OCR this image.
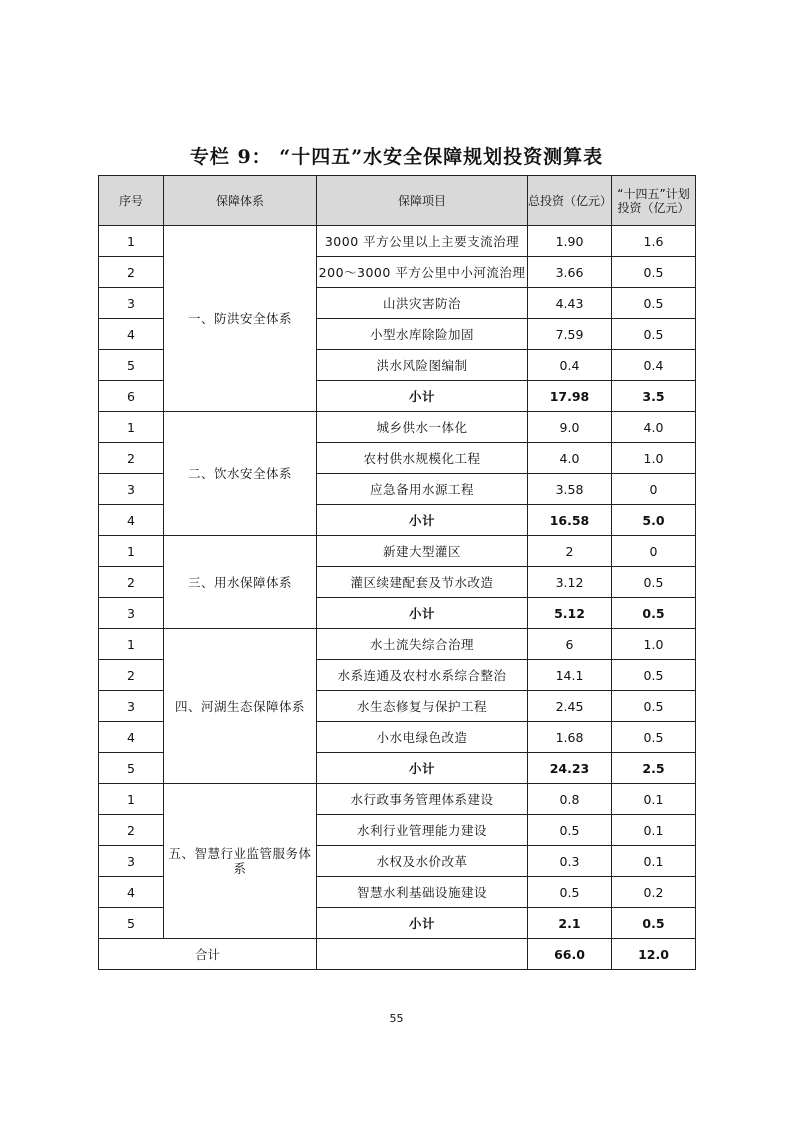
专栏 9： “十四五”水安全保障规划投资测算表
序号	保障体系	保障项目	总投资（亿元）	“十四五”计划投资（亿元）
1	一、防洪安全体系	3000 平方公里以上主要支流治理	1.90	1.6
2		200～3000 平方公里中小河流治理	3.66	0.5
3		山洪灾害防治	4.43	0.5
4		小型水库除险加固	7.59	0.5
5		洪水风险图编制	0.4	0.4
6		小计	17.98	3.5
1	二、饮水安全体系	城乡供水一体化	9.0	4.0
2		农村供水规模化工程	4.0	1.0
3		应急备用水源工程	3.58	0
4		小计	16.58	5.0
1	三、用水保障体系	新建大型灌区	2	0
2		灌区续建配套及节水改造	3.12	0.5
3		小计	5.12	0.5
1	四、河湖生态保障体系	水土流失综合治理	6	1.0
2		水系连通及农村水系综合整治	14.1	0.5
3		水生态修复与保护工程	2.45	0.5
4		小水电绿色改造	1.68	0.5
5		小计	24.23	2.5
1	五、智慧行业监管服务体系	水行政事务管理体系建设	0.8	0.1
2		水利行业管理能力建设	0.5	0.1
3		水权及水价改革	0.3	0.1
4		智慧水利基础设施建设	0.5	0.2
5		小计	2.1	0.5
合计			66.0	12.0
55
